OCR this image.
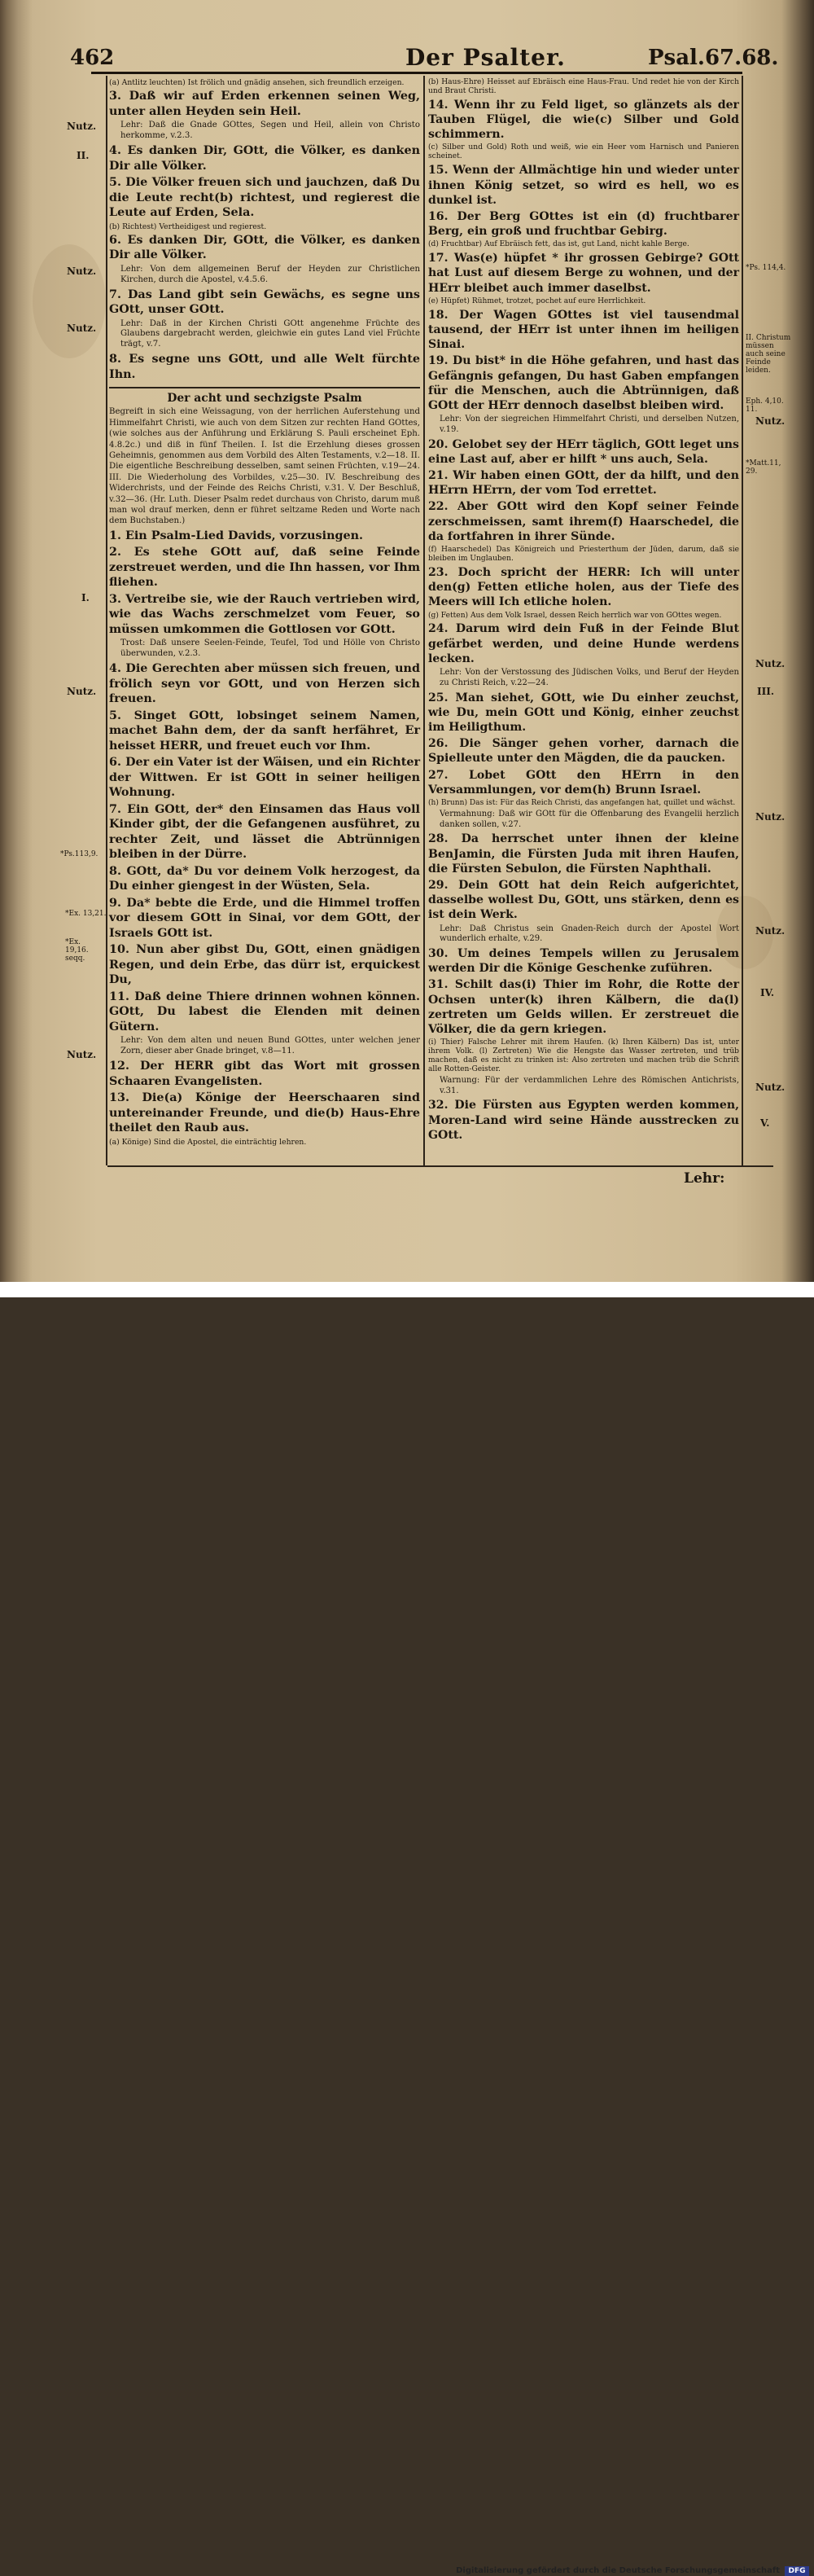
462	Der Psalter.	Psal.67.68.

(a) Antlitz leuchten) Ist frölich und gnädig ansehen, sich freundlich erzeigen.

3. Daß wir auf Erden erkennen seinen Weg, unter allen Heyden sein Heil.

Lehr: Daß die Gnade GOttes, Segen und Heil, allein von Christo herkomme, v.2.3.

4. Es danken Dir, GOtt, die Völker, es danken Dir alle Völker.

5. Die Völker freuen sich und jauchzen, daß Du die Leute recht(b) richtest, und regierest die Leute auf Erden, Sela.

(b) Richtest) Vertheidigest und regierest.

6. Es danken Dir, GOtt, die Völker, es danken Dir alle Völker.

Lehr: Von dem allgemeinen Beruf der Heyden zur Christlichen Kirchen, durch die Apostel, v.4.5.6.

7. Das Land gibt sein Gewächs, es segne uns GOtt, unser GOtt.

Lehr: Daß in der Kirchen Christi GOtt angenehme Früchte des Glaubens dargebracht werden, gleichwie ein gutes Land viel Früchte trägt, v.7.

8. Es segne uns GOtt, und alle Welt fürchte Ihn.

Der acht und sechzigste Psalm

Begreift in sich eine Weissagung, von der herrlichen Auferstehung und Himmelfahrt Christi, wie auch von dem Sitzen zur rechten Hand GOttes, (wie solches aus der Anführung und Erklärung S. Pauli erscheinet Eph. 4.8.2c.) und diß in fünf Theilen. I. Ist die Erzehlung dieses grossen Geheimnis, genommen aus dem Vorbild des Alten Testaments, v.2—18. II. Die eigentliche Beschreibung desselben, samt seinen Früchten, v.19—24. III. Die Wiederholung des Vorbildes, v.25—30. IV. Beschreibung des Widerchrists, und der Feinde des Reichs Christi, v.31. V. Der Beschluß, v.32—36. (Hr. Luth. Dieser Psalm redet durchaus von Christo, darum muß man wol drauf merken, denn er führet seltzame Reden und Worte nach dem Buchstaben.)

1. Ein Psalm-Lied Davids, vorzusingen.

2. Es stehe GOtt auf, daß seine Feinde zerstreuet werden, und die Ihn hassen, vor Ihm fliehen.

3. Vertreibe sie, wie der Rauch vertrieben wird, wie das Wachs zerschmelzet vom Feuer, so müssen umkommen die Gottlosen vor GOtt.

Trost: Daß unsere Seelen-Feinde, Teufel, Tod und Hölle von Christo überwunden, v.2.3.

4. Die Gerechten aber müssen sich freuen, und frölich seyn vor GOtt, und von Herzen sich freuen.

5. Singet GOtt, lobsinget seinem Namen, machet Bahn dem, der da sanft herfähret, Er heisset HERR, und freuet euch vor Ihm.

6. Der ein Vater ist der Wäisen, und ein Richter der Wittwen. Er ist GOtt in seiner heiligen Wohnung.

7. Ein GOtt, der* den Einsamen das Haus voll Kinder gibt, der die Gefangenen ausführet, zu rechter Zeit, und lässet die Abtrünnigen bleiben in der Dürre.

8. GOtt, da* Du vor deinem Volk herzogest, da Du einher giengest in der Wüsten, Sela.

9. Da* bebte die Erde, und die Himmel troffen vor diesem GOtt in Sinai, vor dem GOtt, der Israels GOtt ist.

10. Nun aber gibst Du, GOtt, einen gnädigen Regen, und dein Erbe, das dürr ist, erquickest Du,

11. Daß deine Thiere drinnen wohnen können. GOtt, Du labest die Elenden mit deinen Gütern.

Lehr: Von dem alten und neuen Bund GOttes, unter welchen jener Zorn, dieser aber Gnade bringet, v.8—11.

12. Der HERR gibt das Wort mit grossen Schaaren Evangelisten.

13. Die(a) Könige der Heerschaaren sind untereinander Freunde, und die(b) Haus-Ehre theilet den Raub aus.

(a) Könige) Sind die Apostel, die einträchtig lehren.

(b) Haus-Ehre) Heisset auf Ebräisch eine Haus-Frau. Und redet hie von der Kirch und Braut Christi.

14. Wenn ihr zu Feld liget, so glänzets als der Tauben Flügel, die wie(c) Silber und Gold schimmern.

(c) Silber und Gold) Roth und weiß, wie ein Heer vom Harnisch und Panieren scheinet.

15. Wenn der Allmächtige hin und wieder unter ihnen König setzet, so wird es hell, wo es dunkel ist.

16. Der Berg GOttes ist ein (d) fruchtbarer Berg, ein groß und fruchtbar Gebirg.

(d) Fruchtbar) Auf Ebräisch fett, das ist, gut Land, nicht kahle Berge.

17. Was(e) hüpfet * ihr grossen Gebirge? GOtt hat Lust auf diesem Berge zu wohnen, und der HErr bleibet auch immer daselbst.

(e) Hüpfet) Rühmet, trotzet, pochet auf eure Herrlichkeit.

18. Der Wagen GOttes ist viel tausendmal tausend, der HErr ist unter ihnen im heiligen Sinai.

19. Du bist* in die Höhe gefahren, und hast das Gefängnis gefangen, Du hast Gaben empfangen für die Menschen, auch die Abtrünnigen, daß GOtt der HErr dennoch daselbst bleiben wird.

Lehr: Von der siegreichen Himmelfahrt Christi, und derselben Nutzen, v.19.

20. Gelobet sey der HErr täglich, GOtt leget uns eine Last auf, aber er hilft * uns auch, Sela.

21. Wir haben einen GOtt, der da hilft, und den HErrn HErrn, der vom Tod errettet.

22. Aber GOtt wird den Kopf seiner Feinde zerschmeissen, samt ihrem(f) Haarschedel, die da fortfahren in ihrer Sünde.

(f) Haarschedel) Das Königreich und Priesterthum der Jüden, darum, daß sie bleiben im Unglauben.

23. Doch spricht der HERR: Ich will unter den(g) Fetten etliche holen, aus der Tiefe des Meers will Ich etliche holen.

(g) Fetten) Aus dem Volk Israel, dessen Reich herrlich war von GOttes wegen.

24. Darum wird dein Fuß in der Feinde Blut gefärbet werden, und deine Hunde werdens lecken.

Lehr: Von der Verstossung des Jüdischen Volks, und Beruf der Heyden zu Christi Reich, v.22—24.

25. Man siehet, GOtt, wie Du einher zeuchst, wie Du, mein GOtt und König, einher zeuchst im Heiligthum.

26. Die Sänger gehen vorher, darnach die Spielleute unter den Mägden, die da paucken.

27. Lobet GOtt den HErrn in den Versammlungen, vor dem(h) Brunn Israel.

(h) Brunn) Das ist: Für das Reich Christi, das angefangen hat, quillet und wächst.

Vermahnung: Daß wir GOtt für die Offenbarung des Evangelii herzlich danken sollen, v.27.

28. Da herrschet unter ihnen der kleine BenJamin, die Fürsten Juda mit ihren Haufen, die Fürsten Sebulon, die Fürsten Naphthali.

29. Dein GOtt hat dein Reich aufgerichtet, dasselbe wollest Du, GOtt, uns stärken, denn es ist dein Werk.

Lehr: Daß Christus sein Gnaden-Reich durch der Apostel Wort wunderlich erhalte, v.29.

30. Um deines Tempels willen zu Jerusalem werden Dir die Könige Geschenke zuführen.

31. Schilt das(i) Thier im Rohr, die Rotte der Ochsen unter(k) ihren Kälbern, die da(l) zertreten um Gelds willen. Er zerstreuet die Völker, die da gern kriegen.

(i) Thier) Falsche Lehrer mit ihrem Haufen. (k) Ihren Kälbern) Das ist, unter ihrem Volk. (l) Zertreten) Wie die Hengste das Wasser zertreten, und trüb machen, daß es nicht zu trinken ist: Also zertreten und machen trüb die Schrift alle Rotten-Geister.

Warnung: Für der verdammlichen Lehre des Römischen Antichrists, v.31.

32. Die Fürsten aus Egypten werden kommen, Moren-Land wird seine Hände ausstrecken zu GOtt.

Nutz.
II.
Nutz.
Nutz.
I.
Nutz.
*Ps.113,9.
*Ex. 13,21.
*Ex. 19,16. seqq.
Nutz.
*Ps. 114,4.
II. Christum müssen auch seine Feinde leiden.
Eph. 4,10. 11.
Nutz.
*Matt.11, 29.
Nutz.
III.
Nutz.
Nutz.
IV.
Nutz.
V.
Lehr:
Digitalisierung gefördert durch die Deutsche Forschungsgemeinschaft	DFG
